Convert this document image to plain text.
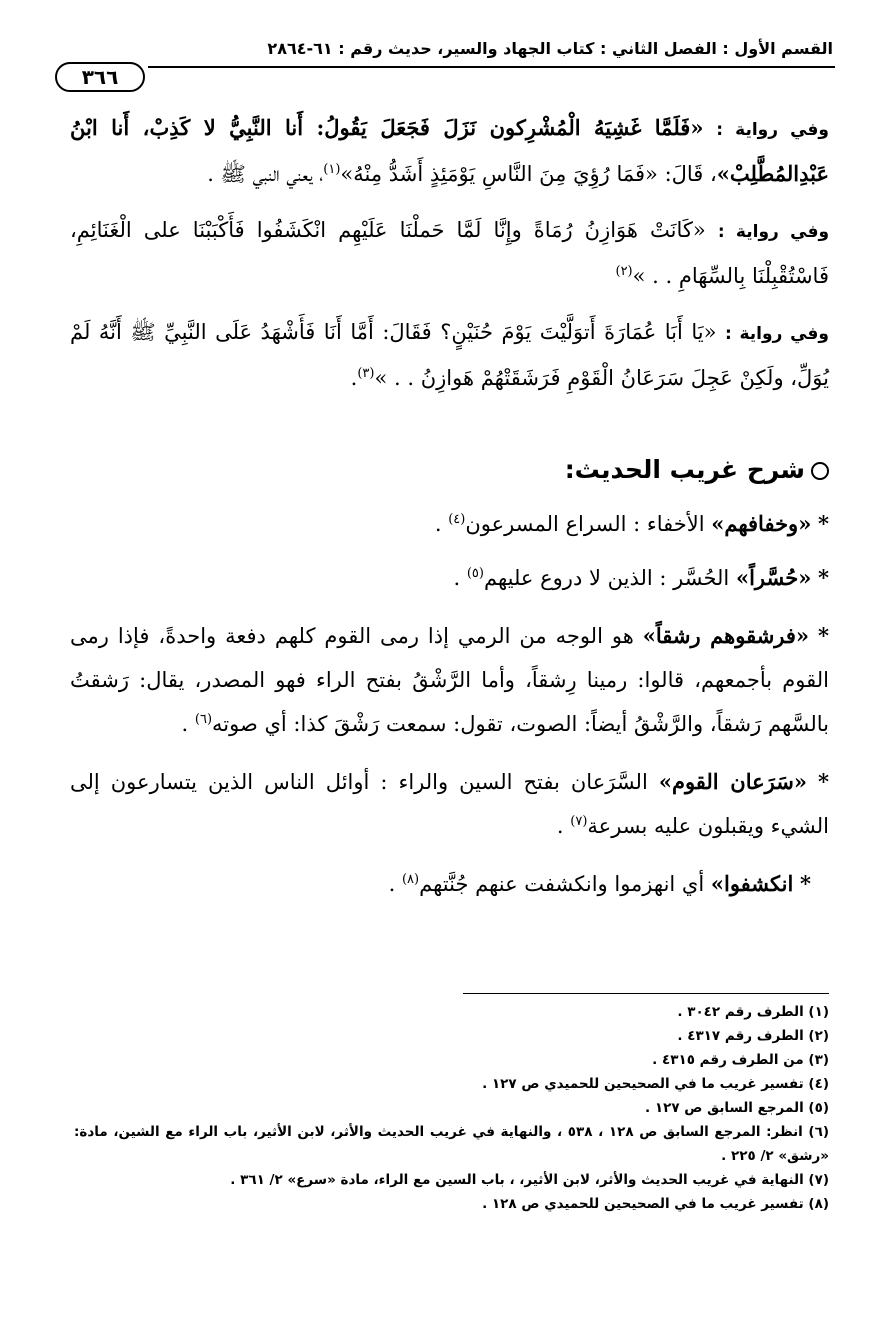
القسم الأول : الفصل الثاني : كتاب الجهاد والسير، حديث رقم : ٦١-٢٨٦٤
٣٦٦

وفي رواية : «فَلَمَّا غَشِيَهُ الْمُشْرِكون نَزَلَ فَجَعَلَ يَقُولُ: أَنا النَّبِيُّ لا كَذِبْ، أَنا ابْنُ عَبْدِالمُطَّلِبْ»، قَالَ: «فَمَا رُؤِيَ مِنَ النَّاسِ يَوْمَئِذٍ أَشَدُّ مِنْهُ»$^{(١)}$، يعني النبي ﷺ .

وفي رواية : «كَانَتْ هَوَازِنُ رُمَاةً وإِنَّا لَمَّا حَملْنَا عَلَيْهِم انْكَشَفُوا فَأَكْبَبْنَا على الْغَنَائِمِ، فَاسْتُقْبِلْنَا بِالسِّهَامِ . . »$^{(٢)}$

وفي رواية : «يَا أَبَا عُمَارَةَ أَتوَلَّيْتَ يَوْمَ حُنَيْنٍ؟ فَقَالَ: أَمَّا أَنَا فَأَشْهَدُ عَلَى النَّبِيِّ ﷺ أَنَّهُ لَمْ يُوَلِّ، ولَكِنْ عَجِلَ سَرَعَانُ الْقَوْمِ فَرَشَقَتْهُمْ هَوازِنُ . . »$^{(٣)}$.

شرح غريب الحديث:

* «وخفافهم» الأخفاء : السراع المسرعون$^{(٤)}$ .

* «حُسَّراً» الحُسَّر : الذين لا دروع عليهم$^{(٥)}$ .

* «فرشقوهم رشقاً» هو الوجه من الرمي إذا رمى القوم كلهم دفعة واحدةً، فإذا رمى القوم بأجمعهم، قالوا: رمينا رِشقاً، وأما الرَّشْقُ بفتح الراء فهو المصدر، يقال: رَشقتُ بالسَّهم رَشقاً، والرَّشْقُ أيضاً: الصوت، تقول: سمعت رَشْقَ كذا: أي صوته$^{(٦)}$ .

* «سَرَعان القوم» السَّرَعان بفتح السين والراء : أوائل الناس الذين يتسارعون إلى الشيء ويقبلون عليه بسرعة$^{(٧)}$ .

* انكشفوا» أي انهزموا وانكشفت عنهم جُنَّتهم$^{(٨)}$ .

(١) الطرف رقم ٣٠٤٢ .

(٢) الطرف رقم ٤٣١٧ .

(٣) من الطرف رقم ٤٣١٥ .

(٤) تفسير غريب ما في الصحيحين للحميدي ص ١٢٧ .

(٥) المرجع السابق ص ١٢٧ .

(٦) انظر: المرجع السابق ص ١٢٨ ، ٥٣٨ ، والنهاية في غريب الحديث والأثر، لابن الأثير، باب الراء مع الشين، مادة: «رشق» ٢/ ٢٢٥ .

(٧) النهاية في غريب الحديث والأثر، لابن الأثير، ، باب السين مع الراء، مادة «سرع» ٢/ ٣٦١ .

(٨) تفسير غريب ما في الصحيحين للحميدي ص ١٢٨ .
